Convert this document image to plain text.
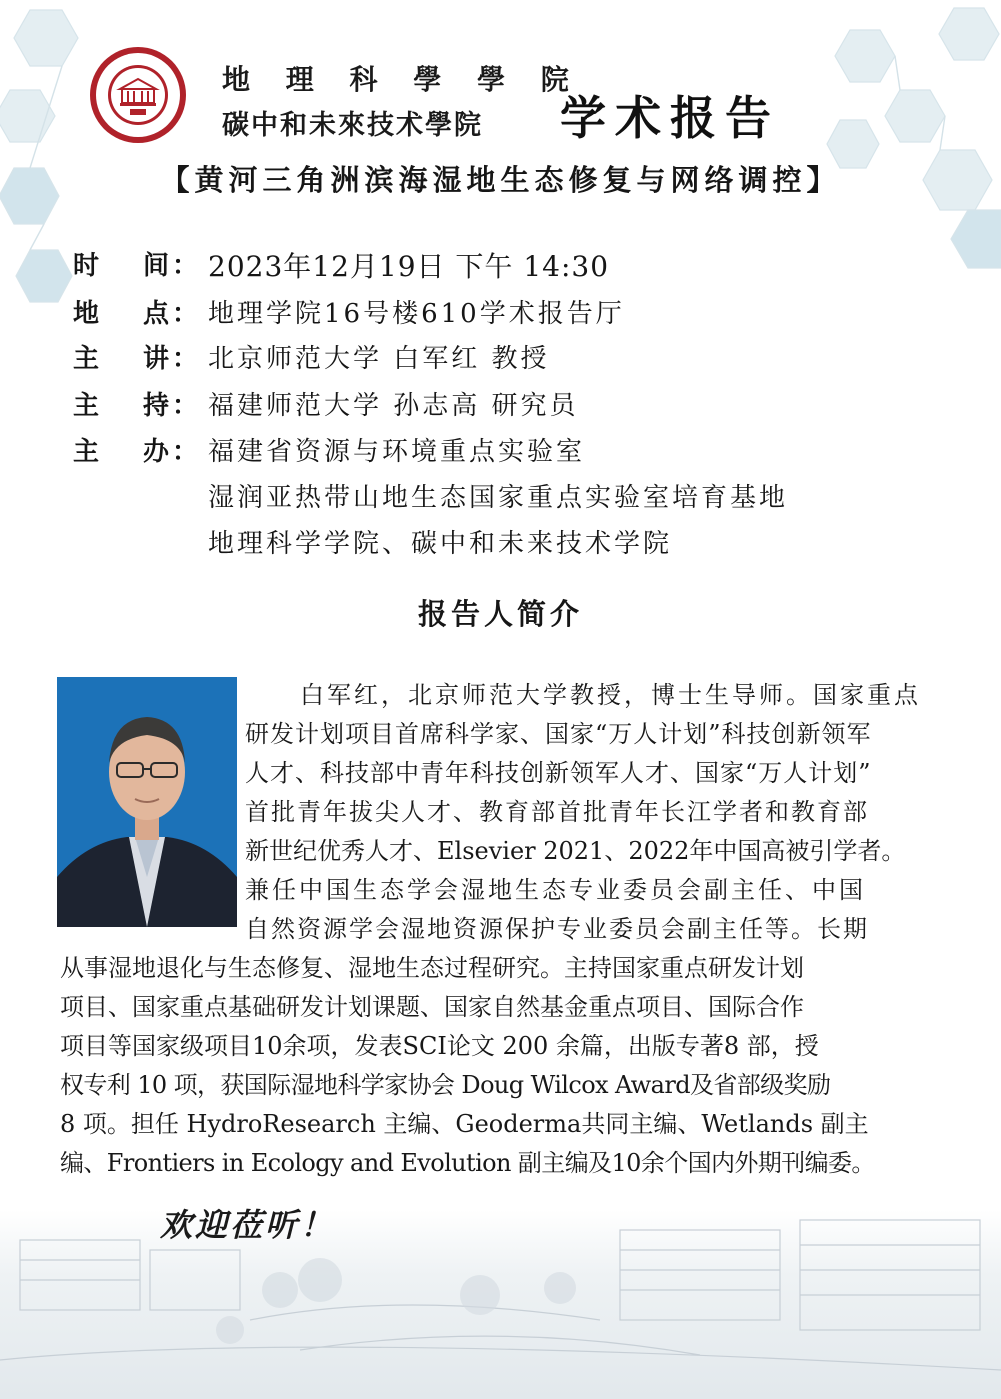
地 理 科 學 學 院
碳中和未來技术學院 学术报告
【黄河三角洲滨海湿地生态修复与网络调控】
时 间： 2023年12月19日 下午 14:30
地 点： 地理学院16号楼610学术报告厅
主 讲： 北京师范大学 白军红 教授
主 持： 福建师范大学 孙志高 研究员
主 办： 福建省资源与环境重点实验室
湿润亚热带山地生态国家重点实验室培育基地
地理科学学院、碳中和未来技术学院
报告人简介
白军红，北京师范大学教授，博士生导师。国家重点
研发计划项目首席科学家、国家“万人计划”科技创新领军
人才、科技部中青年科技创新领军人才、国家“万人计划”
首批青年拔尖人才、教育部首批青年长江学者和教育部
新世纪优秀人才、Elsevier 2021、2022年中国高被引学者。
兼任中国生态学会湿地生态专业委员会副主任、中国
自然资源学会湿地资源保护专业委员会副主任等。长期
从事湿地退化与生态修复、湿地生态过程研究。主持国家重点研发计划
项目、国家重点基础研发计划课题、国家自然基金重点项目、国际合作
项目等国家级项目10余项，发表SCI论文 200 余篇，出版专著8 部，授
权专利 10 项，获国际湿地科学家协会 Doug Wilcox Award及省部级奖励
8 项。担任 HydroResearch 主编、Geoderma共同主编、Wetlands 副主
编、Frontiers in Ecology and Evolution 副主编及10余个国内外期刊编委。
欢迎莅听！
